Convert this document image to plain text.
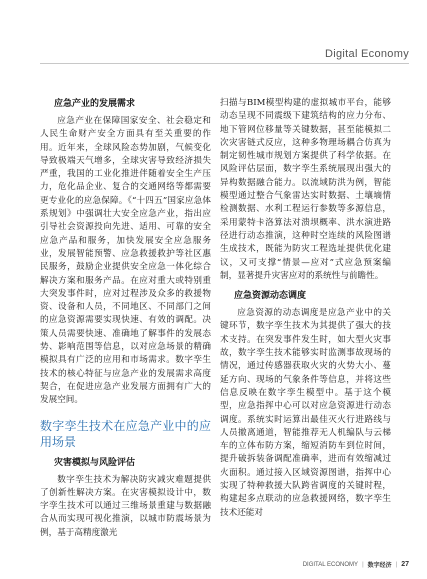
Digital Economy
应急产业的发展需求

应急产业在保障国家安全、社会稳定和人民生命财产安全方面具有至关重要的作用。近年来，全球风险态势加剧，气候变化导致极端天气增多，全球灾害导致经济损失严重，我国的工业化推进伴随着安全生产压力，危化品企业、复合的交通网络等都需要更专业化的应急保障。《“十四五”国家应急体系规划》中强调壮大安全应急产业，指出应引导社会资源投向先进、适用、可靠的安全应急产品和服务，加快发展安全应急服务业，发展智能预警、应急救援救护等社区惠民服务，鼓励企业提供安全应急一体化综合解决方案和服务产品。在应对重大或特别重大突发事件时，应对过程涉及众多的救援物资、设备和人员，不同地区、不同部门之间的应急资源需要实现快速、有效的调配。决策人员需要快速、准确地了解事件的发展态势、影响范围等信息，以对应急场景的精确模拟具有广泛的应用和市场需求。数字孪生技术的核心特征与应急产业的发展需求高度契合，在促进应急产业发展方面拥有广大的发展空间。

数字孪生技术在应急产业中的应用场景
灾害模拟与风险评估

数字孪生技术为解决防灾减灾难题提供了创新性解决方案。在灾害模拟设计中，数字孪生技术可以通过三维场景重建与数据融合从而实现可视化推演，以城市防震场景为例，基于高精度激光

扫描与BIM模型构建的虚拟城市平台，能够动态呈现不同震级下建筑结构的应力分布、地下管网位移量等关键数据，甚至能模拟二次灾害链式反应，这种多物理场耦合仿真为制定韧性城市规划方案提供了科学依据。在风险评估层面，数字孪生系统展现出强大的异构数据融合能力。以流域防洪为例，智能模型通过整合气象雷达实时数据、土壤墒情检测数据、水利工程运行参数等多源信息，采用蒙特卡洛算法对溃坝概率、洪水演进路径进行动态推演，这种时空连续的风险图谱生成技术，既能为防灾工程选址提供优化建议，又可支撑“情景—应对”式应急预案编制，显著提升灾害应对的系统性与前瞻性。

应急资源动态调度

应急资源的动态调度是应急产业中的关键环节，数字孪生技术为其提供了强大的技术支持。在突发事件发生时，如大型火灾事故，数字孪生技术能够实时监测事故现场的情况，通过传感器获取火灾的火势大小、蔓延方向、现场的气象条件等信息，并将这些信息反映在数字孪生模型中。基于这个模型，应急指挥中心可以对应急资源进行动态调度。系统实时运算出最佳灭火行进路线与人员撤离通道，智能推荐无人机编队与云梯车的立体布防方案，缩短消防车到位时间，提升破拆装备调配准确率，进而有效缩减过火面积。通过接入区域资源图谱，指挥中心实现了特种救援大队跨省调度的关键时程，构建起多点联动的应急救援网络，数字孪生技术还能对

DIGITAL ECONOMY | 数字经济 | 27
